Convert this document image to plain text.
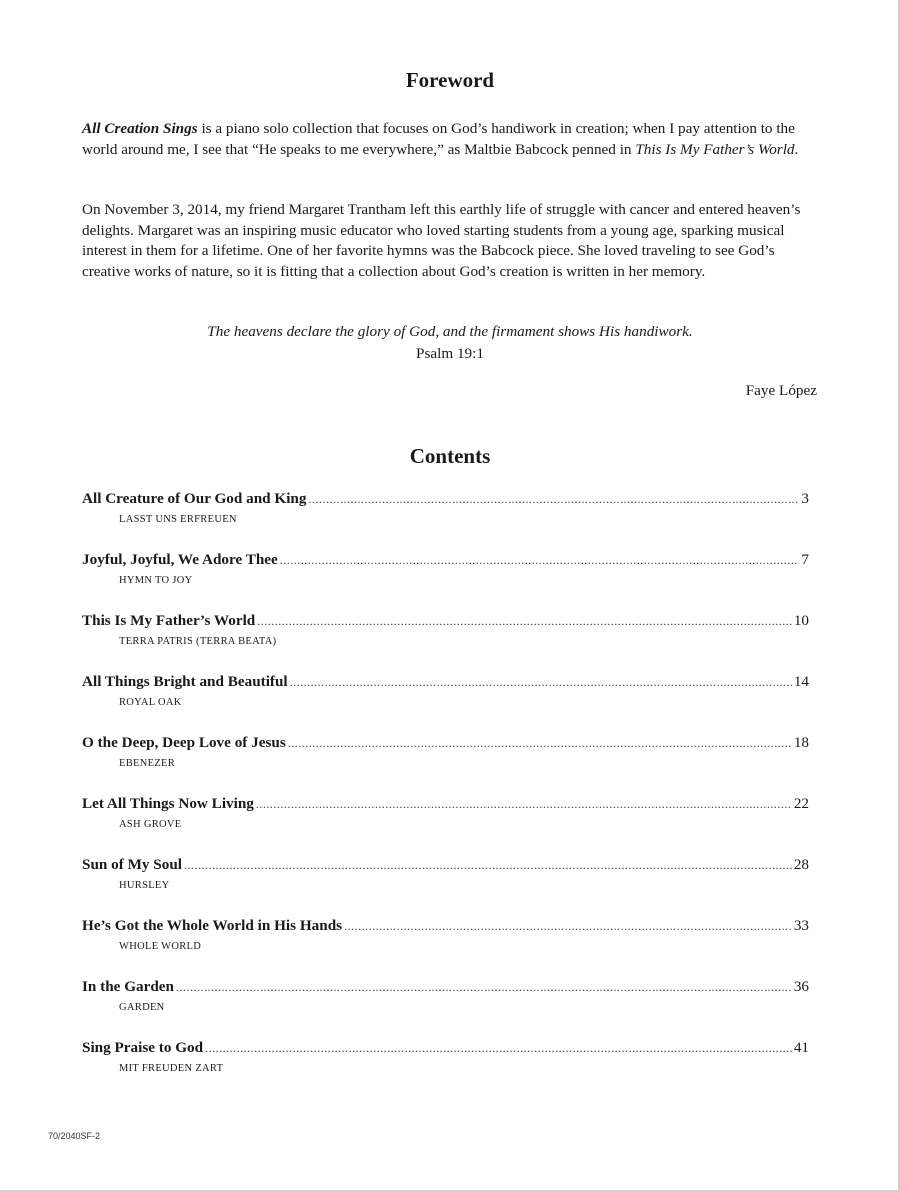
Foreword

All Creation Sings is a piano solo collection that focuses on God’s handiwork in creation; when I pay attention to the world around me, I see that “He speaks to me everywhere,” as Maltbie Babcock penned in This Is My Father’s World.

On November 3, 2014, my friend Margaret Trantham left this earthly life of struggle with cancer and entered heaven’s delights. Margaret was an inspiring music educator who loved starting students from a young age, sparking musical interest in them for a lifetime. One of her favorite hymns was the Babcock piece. She loved traveling to see God’s creative works of nature, so it is fitting that a collection about God’s creation is written in her memory.

The heavens declare the glory of God, and the firmament shows His handiwork.
Psalm 19:1
Faye López
Contents
All Creature of Our God and King .....	3
LASST UNS ERFREUEN
Joyful, Joyful, We Adore Thee .....	7
HYMN TO JOY
This Is My Father’s World .....	10
TERRA PATRIS (TERRA BEATA)
All Things Bright and Beautiful .....	14
ROYAL OAK
O the Deep, Deep Love of Jesus .....	18
EBENEZER
Let All Things Now Living .....	22
ASH GROVE
Sun of My Soul .....	28
HURSLEY
He’s Got the Whole World in His Hands .....	33
WHOLE WORLD
In the Garden .....	36
GARDEN
Sing Praise to God .....	41
MIT FREUDEN ZART
70/2040SF-2
